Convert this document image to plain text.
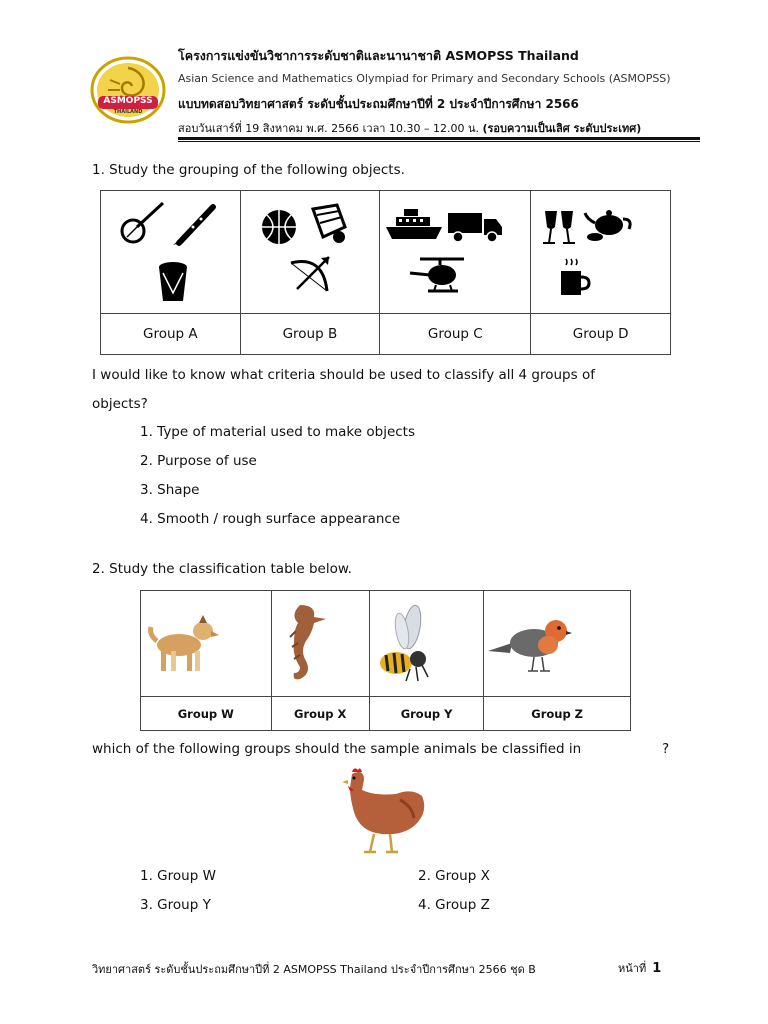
ASMOPSS
THAILAND
โครงการแข่งขันวิชาการระดับชาติและนานาชาติ ASMOPSS Thailand
Asian Science and Mathematics Olympiad for Primary and Secondary Schools (ASMOPSS)
แบบทดสอบวิทยาศาสตร์ ระดับชั้นประถมศึกษาปีที่ 2 ประจำปีการศึกษา 2566
สอบวันเสาร์ที่ 19 สิงหาคม พ.ศ. 2566 เวลา 10.30 – 12.00 น. (รอบความเป็นเลิศ ระดับประเทศ)
1. Study the grouping of the following objects.

Group A	Group B	Group C	Group D
I would like to know what criteria should be used to classify all 4 groups of
objects?
1. Type of material used to make objects
2. Purpose of use
3. Shape
4. Smooth / rough surface appearance
2. Study the classification table below.

Group W	Group X	Group Y	Group Z
which of the following groups should the sample animals be classified in	?
1. Group W	2. Group X
3. Group Y	4. Group Z
วิทยาศาสตร์ ระดับชั้นประถมศึกษาปีที่ 2 ASMOPSS Thailand ประจำปีการศึกษา 2566 ชุด B	หน้าที่ 1
